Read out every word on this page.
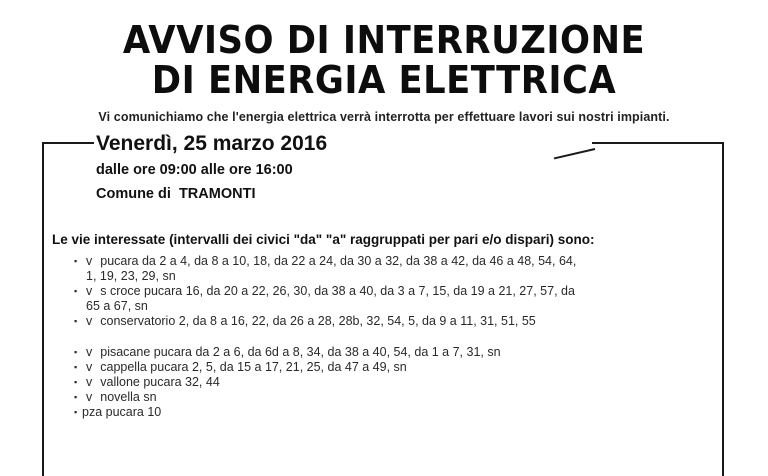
AVVISO DI INTERRUZIONE
DI ENERGIA ELETTRICA
Vi comunichiamo che l'energia elettrica verrà interrotta per effettuare lavori sui nostri impianti.
Venerdì, 25 marzo 2016
dalle ore 09:00 alle ore 16:00
Comune di TRAMONTI
Le vie interessate (intervalli dei civici "da" "a" raggruppati per pari e/o dispari) sono:
▪ v pucara da 2 a 4, da 8 a 10, 18, da 22 a 24, da 30 a 32, da 38 a 42, da 46 a 48, 54, 64,
1, 19, 23, 29, sn
▪ v s croce pucara 16, da 20 a 22, 26, 30, da 38 a 40, da 3 a 7, 15, da 19 a 21, 27, 57, da
65 a 67, sn
▪ v conservatorio 2, da 8 a 16, 22, da 26 a 28, 28b, 32, 54, 5, da 9 a 11, 31, 51, 55
▪ v pisacane pucara da 2 a 6, da 6d a 8, 34, da 38 a 40, 54, da 1 a 7, 31, sn
▪ v cappella pucara 2, 5, da 15 a 17, 21, 25, da 47 a 49, sn
▪ v vallone pucara 32, 44
▪ v novella sn
▪ pza pucara 10
